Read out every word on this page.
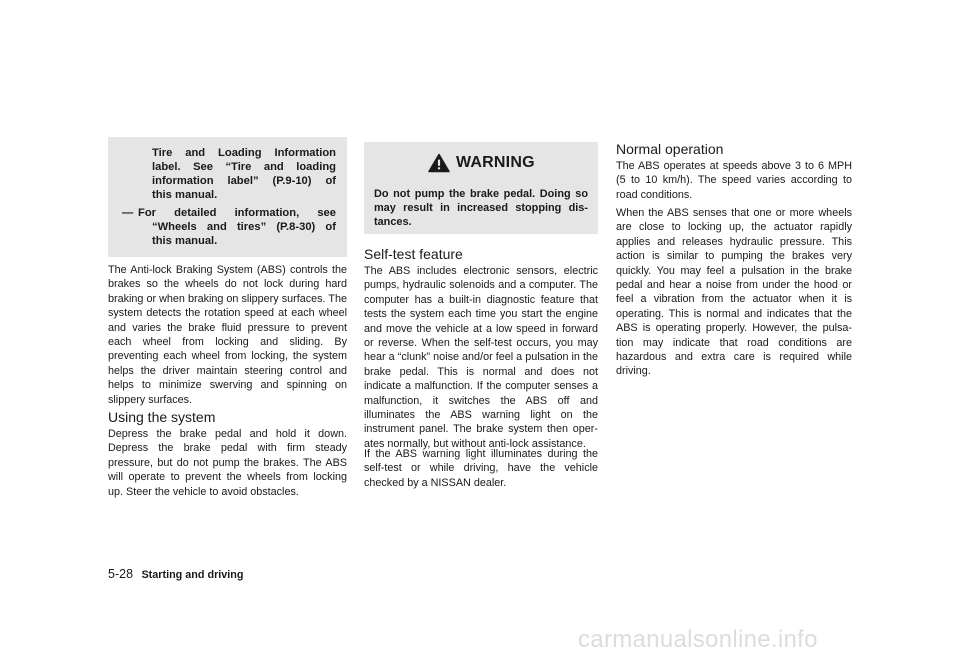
Tire and Loading Information
label. See “Tire and loading
information label” (P.9-10) of
this manual.
— For detailed information, see
“Wheels and tires” (P.8-30) of
this manual.

The Anti-lock Braking System (ABS) controls the brakes so the wheels do not lock during hard braking or when braking on slippery surfaces. The system detects the rotation speed at each wheel and varies the brake fluid pressure to prevent each wheel from locking and sliding. By preventing each wheel from locking, the system helps the driver maintain steering control and helps to minimize swerving and spinning on slippery surfaces.

Using the system

Depress the brake pedal and hold it down. Depress the brake pedal with firm steady pressure, but do not pump the brakes. The ABS will operate to prevent the wheels from locking up. Steer the vehicle to avoid obstacles.

WARNING

Do not pump the brake pedal. Doing so may result in increased stopping dis- tances.

Self-test feature

The ABS includes electronic sensors, electric pumps, hydraulic solenoids and a computer. The computer has a built-in diagnostic feature that tests the system each time you start the engine and move the vehicle at a low speed in forward or reverse. When the self-test occurs, you may hear a “clunk” noise and/or feel a pulsation in the brake pedal. This is normal and does not indicate a malfunction. If the computer senses a malfunction, it switches the ABS off and illuminates the ABS warning light on the instrument panel. The brake system then oper- ates normally, but without anti-lock assistance.

If the ABS warning light illuminates during the self-test or while driving, have the vehicle checked by a NISSAN dealer.

Normal operation

The ABS operates at speeds above 3 to 6 MPH (5 to 10 km/h). The speed varies according to road conditions.

When the ABS senses that one or more wheels are close to locking up, the actuator rapidly applies and releases hydraulic pressure. This action is similar to pumping the brakes very quickly. You may feel a pulsation in the brake pedal and hear a noise from under the hood or feel a vibration from the actuator when it is operating. This is normal and indicates that the ABS is operating properly. However, the pulsa- tion may indicate that road conditions are hazardous and extra care is required while driving.

5-28 Starting and driving
carmanualsonline.info
